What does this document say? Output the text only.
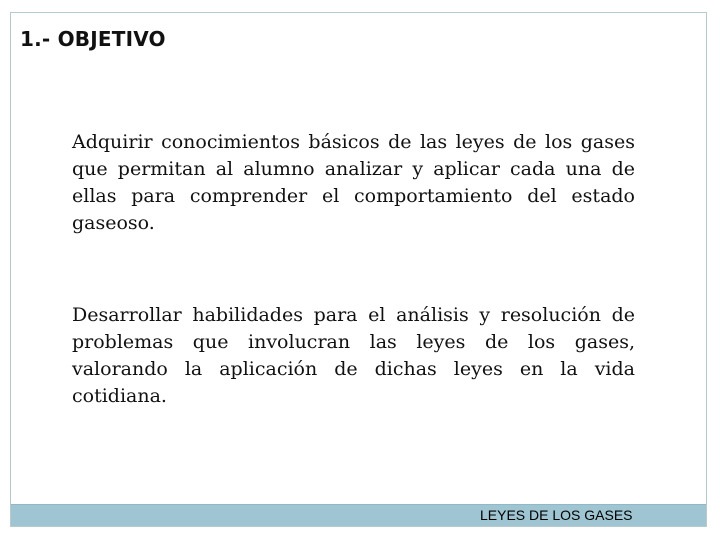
1.- OBJETIVO

Adquirir conocimientos básicos de las leyes de los gases que permitan al alumno analizar y aplicar cada una de ellas para comprender el comportamiento del estado gaseoso.

Desarrollar habilidades para el análisis y resolución de problemas que involucran las leyes de los gases, valorando la aplicación de dichas leyes en la vida cotidiana.

LEYES DE LOS GASES
